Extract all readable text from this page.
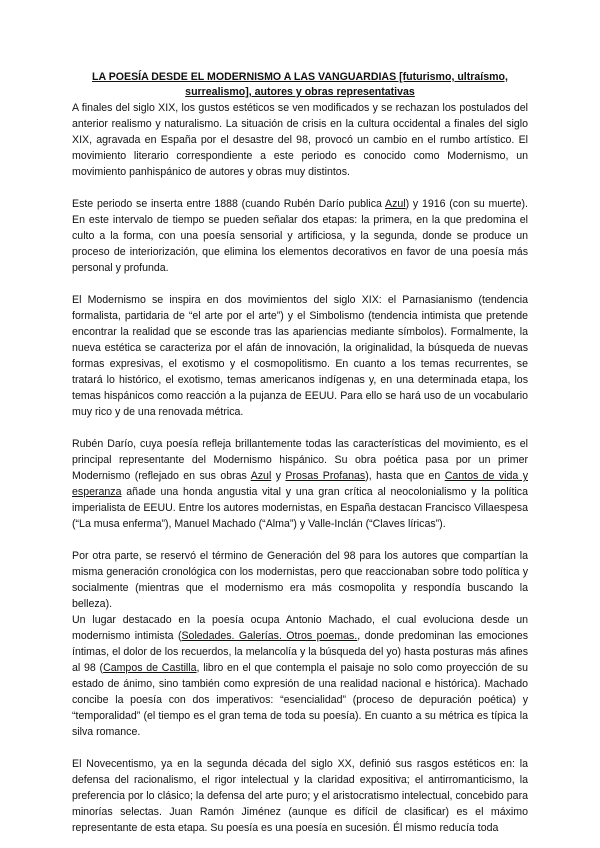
LA POESÍA DESDE EL MODERNISMO A LAS VANGUARDIAS [futurismo, ultraísmo, surrealismo], autores y obras representativas

A finales del siglo XIX, los gustos estéticos se ven modificados y se rechazan los postulados del anterior realismo y naturalismo. La situación de crisis en la cultura occidental a finales del siglo XIX, agravada en España por el desastre del 98, provocó un cambio en el rumbo artístico. El movimiento literario correspondiente a este periodo es conocido como Modernismo, un movimiento panhispánico de autores y obras muy distintos.

Este periodo se inserta entre 1888 (cuando Rubén Darío publica Azul) y 1916 (con su muerte). En este intervalo de tiempo se pueden señalar dos etapas: la primera, en la que predomina el culto a la forma, con una poesía sensorial y artificiosa, y la segunda, donde se produce un proceso de interiorización, que elimina los elementos decorativos en favor de una poesía más personal y profunda.

El Modernismo se inspira en dos movimientos del siglo XIX: el Parnasianismo (tendencia formalista, partidaria de “el arte por el arte”) y el Simbolismo (tendencia intimista que pretende encontrar la realidad que se esconde tras las apariencias mediante símbolos). Formalmente, la nueva estética se caracteriza por el afán de innovación, la originalidad, la búsqueda de nuevas formas expresivas, el exotismo y el cosmopolitismo. En cuanto a los temas recurrentes, se tratará lo histórico, el exotismo, temas americanos indígenas y, en una determinada etapa, los temas hispánicos como reacción a la pujanza de EEUU. Para ello se hará uso de un vocabulario muy rico y de una renovada métrica.

Rubén Darío, cuya poesía refleja brillantemente todas las características del movimiento, es el principal representante del Modernismo hispánico. Su obra poética pasa por un primer Modernismo (reflejado en sus obras Azul y Prosas Profanas), hasta que en Cantos de vida y esperanza añade una honda angustia vital y una gran crítica al neocolonialismo y la política imperialista de EEUU. Entre los autores modernistas, en España destacan Francisco Villaespesa (“La musa enferma”), Manuel Machado (“Alma”) y Valle-Inclán (“Claves líricas”).

Por otra parte, se reservó el término de Generación del 98 para los autores que compartían la misma generación cronológica con los modernistas, pero que reaccionaban sobre todo política y socialmente (mientras que el modernismo era más cosmopolita y respondía buscando la belleza).

Un lugar destacado en la poesía ocupa Antonio Machado, el cual evoluciona desde un modernismo intimista (Soledades. Galerías. Otros poemas., donde predominan las emociones íntimas, el dolor de los recuerdos, la melancolía y la búsqueda del yo) hasta posturas más afines al 98 (Campos de Castilla, libro en el que contempla el paisaje no solo como proyección de su estado de ánimo, sino también como expresión de una realidad nacional e histórica). Machado concibe la poesía con dos imperativos: “esencialidad” (proceso de depuración poética) y “temporalidad” (el tiempo es el gran tema de toda su poesía). En cuanto a su métrica es típica la silva romance.

El Novecentismo, ya en la segunda década del siglo XX, definió sus rasgos estéticos en: la defensa del racionalismo, el rigor intelectual y la claridad expositiva; el antirromanticismo, la preferencia por lo clásico; la defensa del arte puro; y el aristocratismo intelectual, concebido para minorías selectas. Juan Ramón Jiménez (aunque es difícil de clasificar) es el máximo representante de esta etapa. Su poesía es una poesía en sucesión. Él mismo reducía toda
